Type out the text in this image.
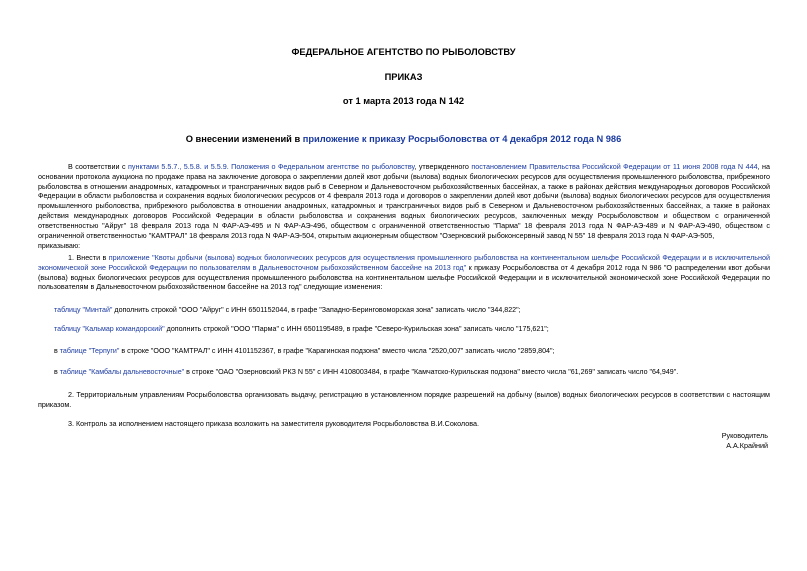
ФЕДЕРАЛЬНОЕ АГЕНТСТВО ПО РЫБОЛОВСТВУ
ПРИКАЗ
от 1 марта 2013 года N 142
О внесении изменений в приложение к приказу Росрыболовства от 4 декабря 2012 года N 986
В соответствии с пунктами 5.5.7., 5.5.8. и 5.5.9. Положения о Федеральном агентстве по рыболовству, утвержденного постановлением Правительства Российской Федерации от 11 июня 2008 года N 444, на основании протокола аукциона по продаже права на заключение договора о закреплении долей квот добычи (вылова) водных биологических ресурсов для осуществления промышленного рыболовства, прибрежного рыболовства в отношении анадромных, катадромных и трансграничных видов рыб в Северном и Дальневосточном рыбохозяйственных бассейнах, а также в районах действия международных договоров Российской Федерации в области рыболовства и сохранения водных биологических ресурсов от 4 февраля 2013 года и договоров о закреплении долей квот добычи (вылова) водных биологических ресурсов для осуществления промышленного рыболовства, прибрежного рыболовства в отношении анадромных, катадромных и трансграничных видов рыб в Северном и Дальневосточном рыбохозяйственных бассейнах, а также в районах действия международных договоров Российской Федерации в области рыболовства и сохранения водных биологических ресурсов, заключенных между Росрыболовством и обществом с ограниченной ответственностью "Айруг" 18 февраля 2013 года N ФАР-АЭ-495 и N ФАР-АЭ-496, обществом с ограниченной ответственностью "Парма" 18 февраля 2013 года N ФАР-АЭ-489 и N ФАР-АЭ-490, обществом с ограниченной ответственностью "КАМТРАЛ" 18 февраля 2013 года N ФАР-АЭ-504, открытым акционерным обществом "Озерновский рыбоконсервный завод N 55" 18 февраля 2013 года N ФАР-АЭ-505,
приказываю:
1. Внести в приложение "Квоты добычи (вылова) водных биологических ресурсов для осуществления промышленного рыболовства на континентальном шельфе Российской Федерации и в исключительной экономической зоне Российской Федерации по пользователям в Дальневосточном рыбохозяйственном бассейне на 2013 год" к приказу Росрыболовства от 4 декабря 2012 года N 986 "О распределении квот добычи (вылова) водных биологических ресурсов для осуществления промышленного рыболовства на континентальном шельфе Российской Федерации и в исключительной экономической зоне Российской Федерации по пользователям в Дальневосточном рыбохозяйственном бассейне на 2013 год" следующие изменения:
таблицу "Минтай" дополнить строкой "ООО "Айруг" с ИНН 6501152044, в графе "Западно-Беринговоморская зона" записать число "344,822";
таблицу "Кальмар командорский" дополнить строкой "ООО "Парма" с ИНН 6501195489, в графе "Северо-Курильская зона" записать число "175,621";
в таблице "Терпуги" в строке "ООО "КАМТРАЛ" с ИНН 4101152367, в графе "Карагинская подзона" вместо числа "2520,007" записать число "2859,804";
в таблице "Камбалы дальневосточные" в строке "ОАО "Озерновский РКЗ N 55" с ИНН 4108003484, в графе "Камчатско-Курильская подзона" вместо числа "61,269" записать число "64,949".
2. Территориальным управлениям Росрыболовства организовать выдачу, регистрацию в установленном порядке разрешений на добычу (вылов) водных биологических ресурсов в соответствии с настоящим приказом.
3. Контроль за исполнением настоящего приказа возложить на заместителя руководителя Росрыболовства В.И.Соколова.
Руководитель
А.А.Крайний
